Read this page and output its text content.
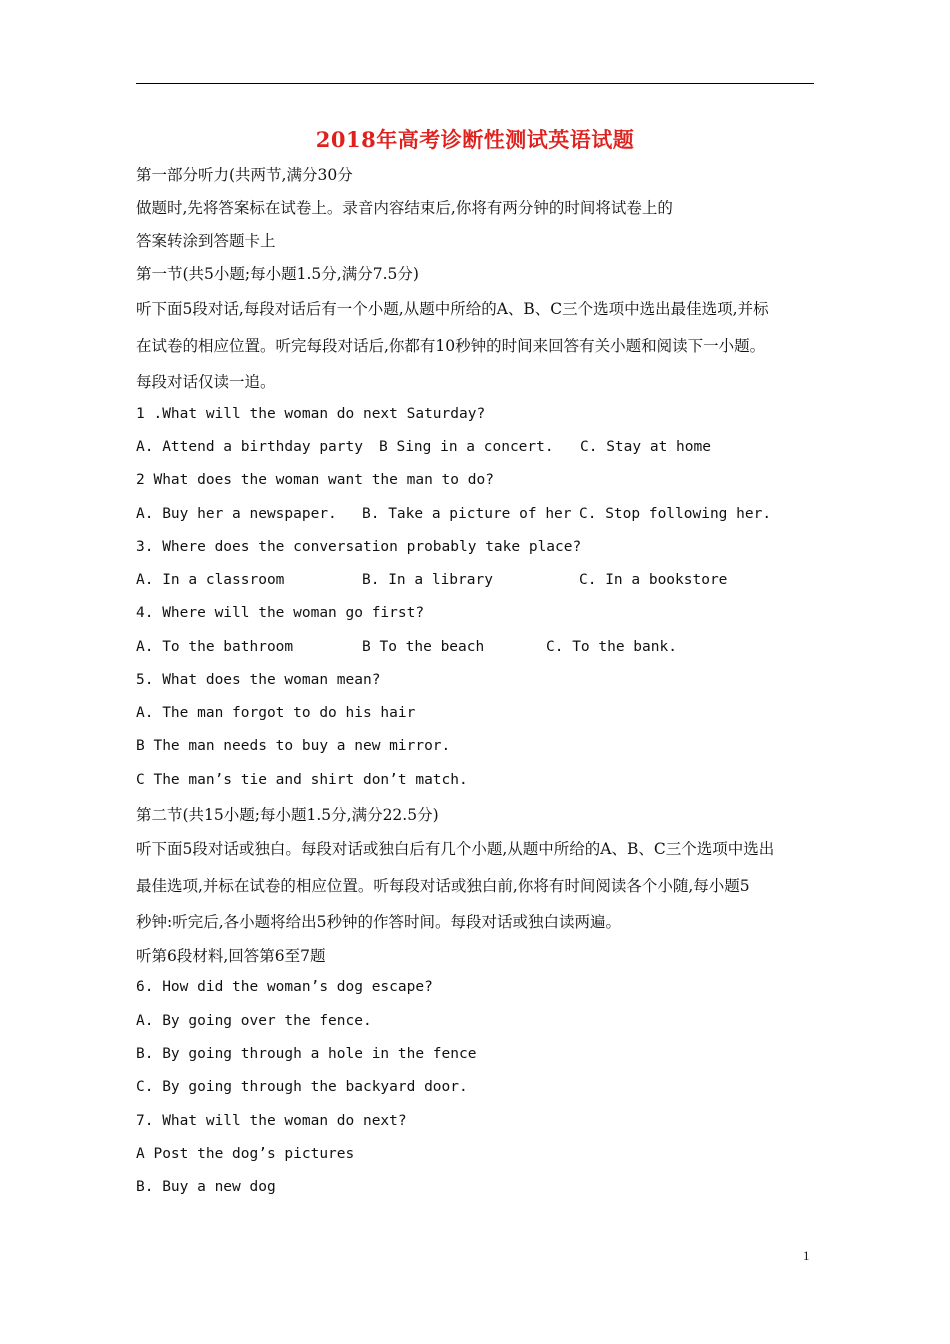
2018年高考诊断性测试英语试题
第一部分听力(共两节,满分30分
做题时,先将答案标在试卷上。录音内容结束后,你将有两分钟的时间将试卷上的
答案转涂到答题卡上
第一节(共5小题;每小题1.5分,满分7.5分)
听下面5段对话,每段对话后有一个小题,从题中所给的A、B、C三个选项中选出最佳选项,并标
在试卷的相应位置。听完每段对话后,你都有10秒钟的时间来回答有关小题和阅读下一小题。
每段对话仅读一追。
1 .What will the woman do next Saturday?
A. Attend a birthday party B Sing in a concert. C. Stay at home
2 What does the woman want the man to do?
A. Buy her a newspaper. B. Take a picture of her C. Stop following her.
3. Where does the conversation probably take place?
A. In a classroom	B. In a library	C. In a bookstore
4. Where will the woman go first?
A. To the bathroom	B To the beach	C. To the bank.
5. What does the woman mean?
A. The man forgot to do his hair
B The man needs to buy a new mirror.
C The man’s tie and shirt don’t match.
第二节(共15小题;每小题1.5分,满分22.5分)
听下面5段对话或独白。每段对话或独白后有几个小题,从题中所给的A、B、C三个选项中选出
最佳选项,并标在试卷的相应位置。听每段对话或独白前,你将有时间阅读各个小随,每小题5
秒钟:听完后,各小题将给出5秒钟的作答时间。每段对话或独白读两遍。
听第6段材料,回答第6至7题
6. How did the woman’s dog escape?
A. By going over the fence.
B. By going through a hole in the fence
C. By going through the backyard door.
7. What will the woman do next?
A Post the dog’s pictures
B. Buy a new dog
1
